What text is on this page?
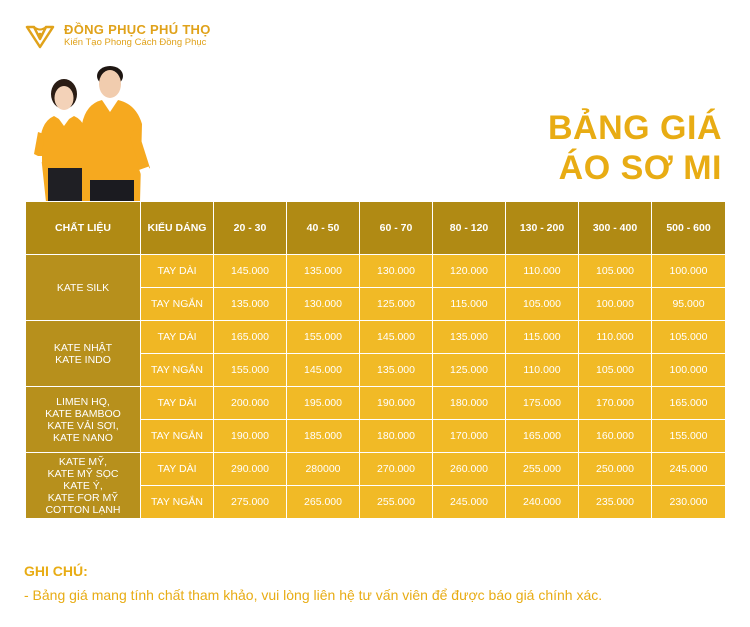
ĐỒNG PHỤC PHÚ THỌ
Kiến Tạo Phong Cách Đồng Phục
BẢNG GIÁ
ÁO SƠ MI
CHẤT LIỆU	KIỂU DÁNG	20 - 30	40 - 50	60 - 70	80 - 120	130 - 200	300 - 400	500 - 600

KATE SILK	TAY DÀI	145.000	135.000	130.000	120.000	110.000	105.000	100.000
	TAY NGẮN	135.000	130.000	125.000	115.000	105.000	100.000	95.000

KATE NHẬT
KATE INDO	TAY DÀI	165.000	155.000	145.000	135.000	115.000	110.000	105.000
	TAY NGẮN	155.000	145.000	135.000	125.000	110.000	105.000	100.000

LIMEN HQ,
KATE BAMBOO
KATE VẢI SỢI,
KATE NANO	TAY DÀI	200.000	195.000	190.000	180.000	175.000	170.000	165.000
	TAY NGẮN	190.000	185.000	180.000	170.000	165.000	160.000	155.000

KATE MỸ,
KATE MỸ SỌC
KATE Ý,
KATE FOR MỸ
COTTON LẠNH	TAY DÀI	290.000	280000	270.000	260.000	255.000	250.000	245.000
	TAY NGẮN	275.000	265.000	255.000	245.000	240.000	235.000	230.000
GHI CHÚ:
- Bảng giá mang tính chất tham khảo, vui lòng liên hệ tư vấn viên để được báo giá chính xác.
